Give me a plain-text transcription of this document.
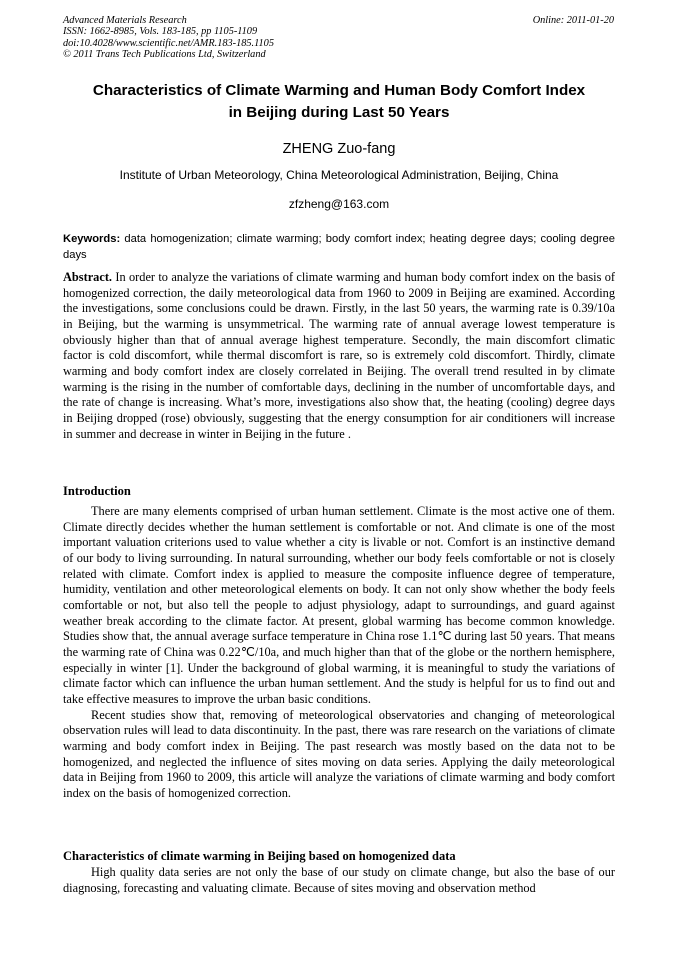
Advanced Materials Research
ISSN: 1662-8985, Vols. 183-185, pp 1105-1109
doi:10.4028/www.scientific.net/AMR.183-185.1105
© 2011 Trans Tech Publications Ltd, Switzerland
Online: 2011-01-20
Characteristics of Climate Warming and Human Body Comfort Index
in Beijing during Last 50 Years
ZHENG Zuo-fang
Institute of Urban Meteorology, China Meteorological Administration, Beijing, China
zfzheng@163.com
Keywords: data homogenization; climate warming; body comfort index; heating degree days; cooling degree days

Abstract. In order to analyze the variations of climate warming and human body comfort index on the basis of homogenized correction, the daily meteorological data from 1960 to 2009 in Beijing are examined. According the investigations, some conclusions could be drawn. Firstly, in the last 50 years, the warming rate is 0.39/10a in Beijing, but the warming is unsymmetrical. The warming rate of annual average lowest temperature is obviously higher than that of annual average highest temperature. Secondly, the main discomfort climatic factor is cold discomfort, while thermal discomfort is rare, so is extremely cold discomfort. Thirdly, climate warming and body comfort index are closely correlated in Beijing. The overall trend resulted in by climate warming is the rising in the number of comfortable days, declining in the number of uncomfortable days, and the rate of change is increasing. What’s more, investigations also show that, the heating (cooling) degree days in Beijing dropped (rose) obviously, suggesting that the energy consumption for air conditioners will increase in summer and decrease in winter in Beijing in the future .

Introduction

There are many elements comprised of urban human settlement. Climate is the most active one of them. Climate directly decides whether the human settlement is comfortable or not. And climate is one of the most important valuation criterions used to value whether a city is livable or not. Comfort is an instinctive demand of our body to living surrounding. In natural surrounding, whether our body feels comfortable or not is closely related with climate. Comfort index is applied to measure the composite influence degree of temperature, humidity, ventilation and other meteorological elements on body. It can not only show whether the body feels comfortable or not, but also tell the people to adjust physiology, adapt to surroundings, and guard against weather break according to the climate factor. At present, global warming has become common knowledge. Studies show that, the annual average surface temperature in China rose 1.1℃ during last 50 years. That means the warming rate of China was 0.22℃/10a, and much higher than that of the globe or the northern hemisphere, especially in winter [1]. Under the background of global warming, it is meaningful to study the variations of climate factor which can influence the urban human settlement. And the study is helpful for us to find out and take effective measures to improve the urban basic conditions.

Recent studies show that, removing of meteorological observatories and changing of meteorological observation rules will lead to data discontinuity. In the past, there was rare research on the variations of climate warming and body comfort index in Beijing. The past research was mostly based on the data not to be homogenized, and neglected the influence of sites moving on data series. Applying the daily meteorological data in Beijing from 1960 to 2009, this article will analyze the variations of climate warming and body comfort index on the basis of homogenized correction.

Characteristics of climate warming in Beijing based on homogenized data

High quality data series are not only the base of our study on climate change, but also the base of our diagnosing, forecasting and valuating climate. Because of sites moving and observation method
